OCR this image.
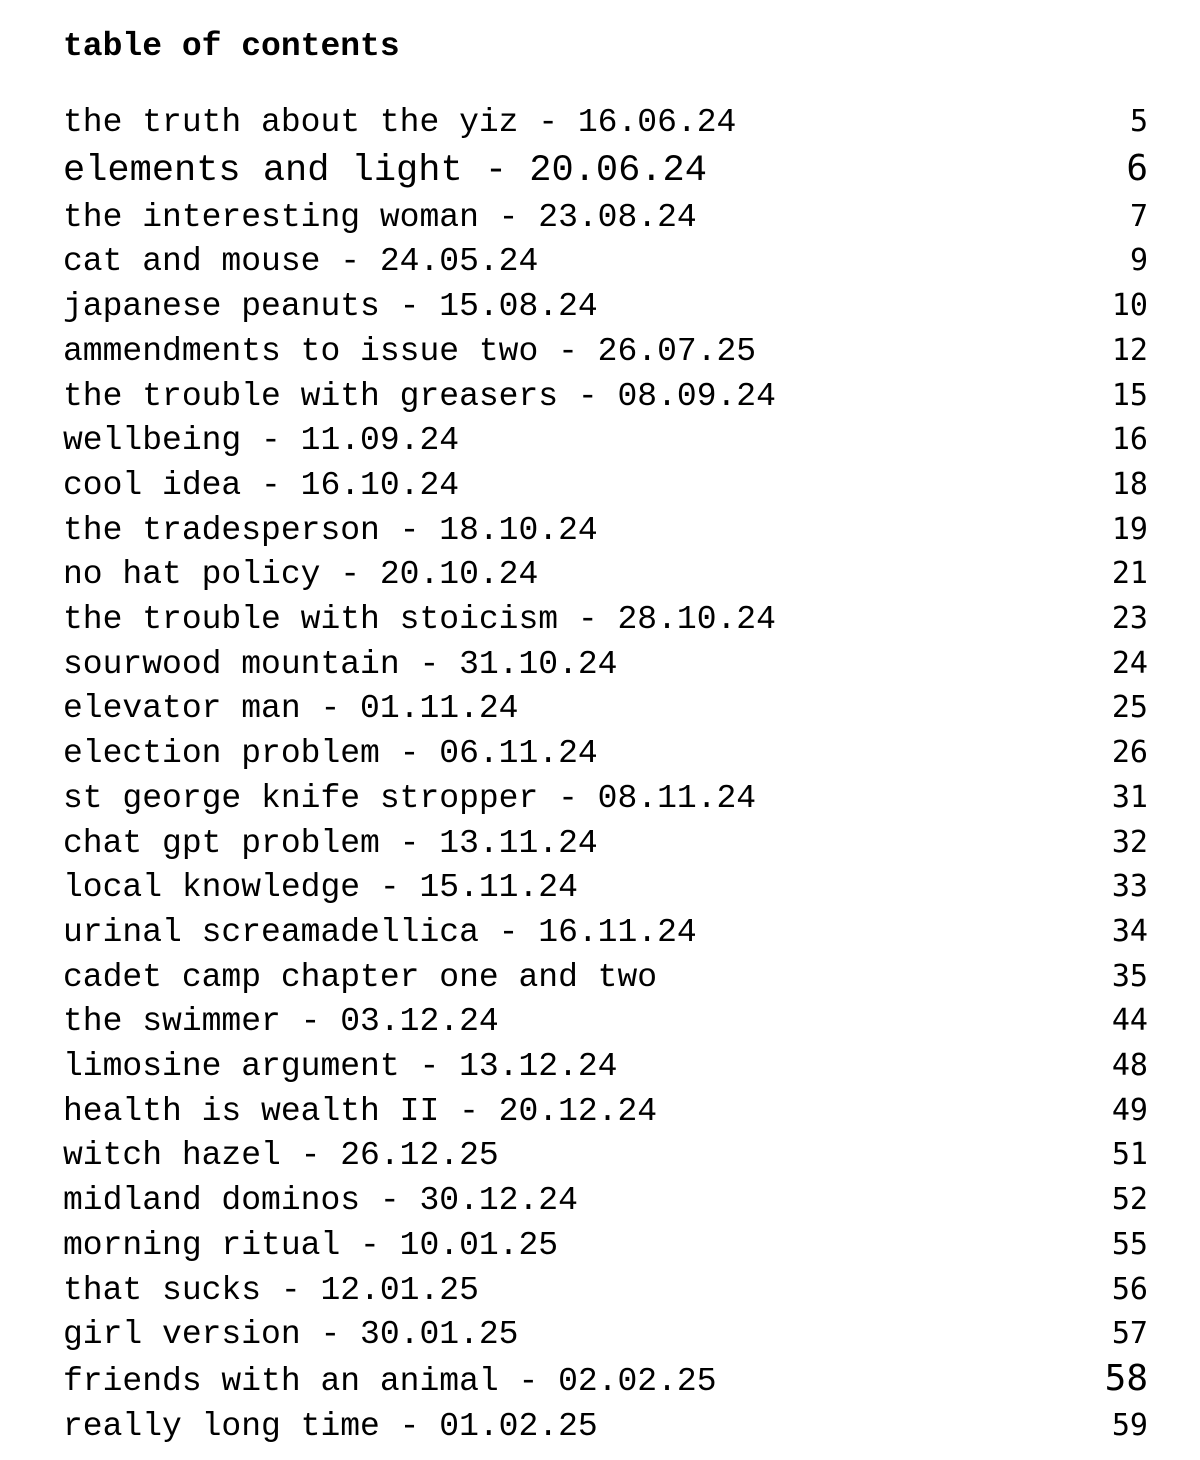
table of contents
the truth about the yiz - 16.06.24	5
elements and light - 20.06.24	6
the interesting woman - 23.08.24	7
cat and mouse - 24.05.24	9
japanese peanuts - 15.08.24	10
ammendments to issue two - 26.07.25	12
the trouble with greasers - 08.09.24	15
wellbeing - 11.09.24	16
cool idea - 16.10.24	18
the tradesperson - 18.10.24	19
no hat policy - 20.10.24	21
the trouble with stoicism - 28.10.24	23
sourwood mountain - 31.10.24	24
elevator man - 01.11.24	25
election problem - 06.11.24	26
st george knife stropper - 08.11.24	31
chat gpt problem - 13.11.24	32
local knowledge - 15.11.24	33
urinal screamadellica - 16.11.24	34
cadet camp chapter one and two	35
the swimmer - 03.12.24	44
limosine argument - 13.12.24	48
health is wealth II - 20.12.24	49
witch hazel - 26.12.25	51
midland dominos - 30.12.24	52
morning ritual - 10.01.25	55
that sucks - 12.01.25	56
girl version - 30.01.25	57
friends with an animal - 02.02.25	58
really long time - 01.02.25	59
